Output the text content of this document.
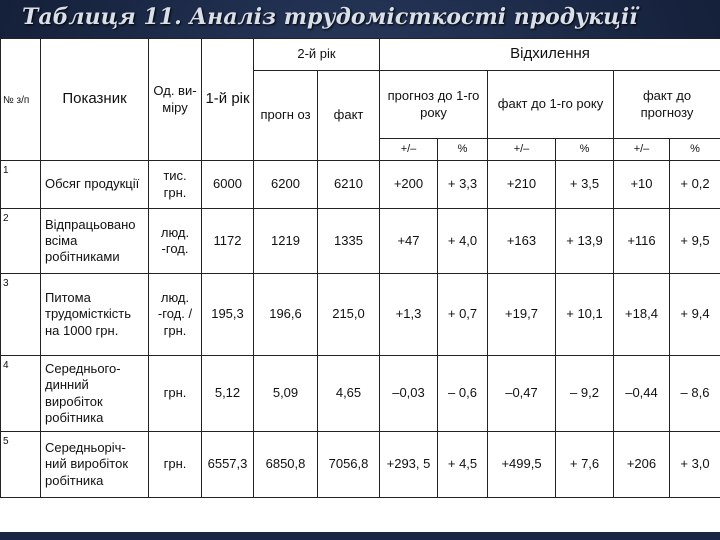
Таблиця 11. Аналіз трудомісткості продукції
№ з/п	Показник	Од. ви- міру	1-й рік	2-й рік		Відхилення					
				прогн оз	факт	прогноз до 1-го року		факт до 1-го року		факт до прогнозу	
						+/–	%	+/–	%	+/–	%
1	Обсяг продукції	тис. грн.	6000	6200	6210	+200	+ 3,3	+210	+ 3,5	+10	+ 0,2
2	Відпрацьовано всіма робітниками	люд. -год.	1172	1219	1335	+47	+ 4,0	+163	+ 13,9	+116	+ 9,5
3	Питома трудомісткість на 1000 грн.	люд. -год. / грн.	195,3	196,6	215,0	+1,3	+ 0,7	+19,7	+ 10,1	+18,4	+ 9,4
4	Середнього- динний виробіток робітника	грн.	5,12	5,09	4,65	–0,03	– 0,6	–0,47	– 9,2	–0,44	– 8,6
5	Середньоріч- ний виробіток робітника	грн.	6557,3	6850,8	7056,8	+293, 5	+ 4,5	+499,5	+ 7,6	+206	+ 3,0
